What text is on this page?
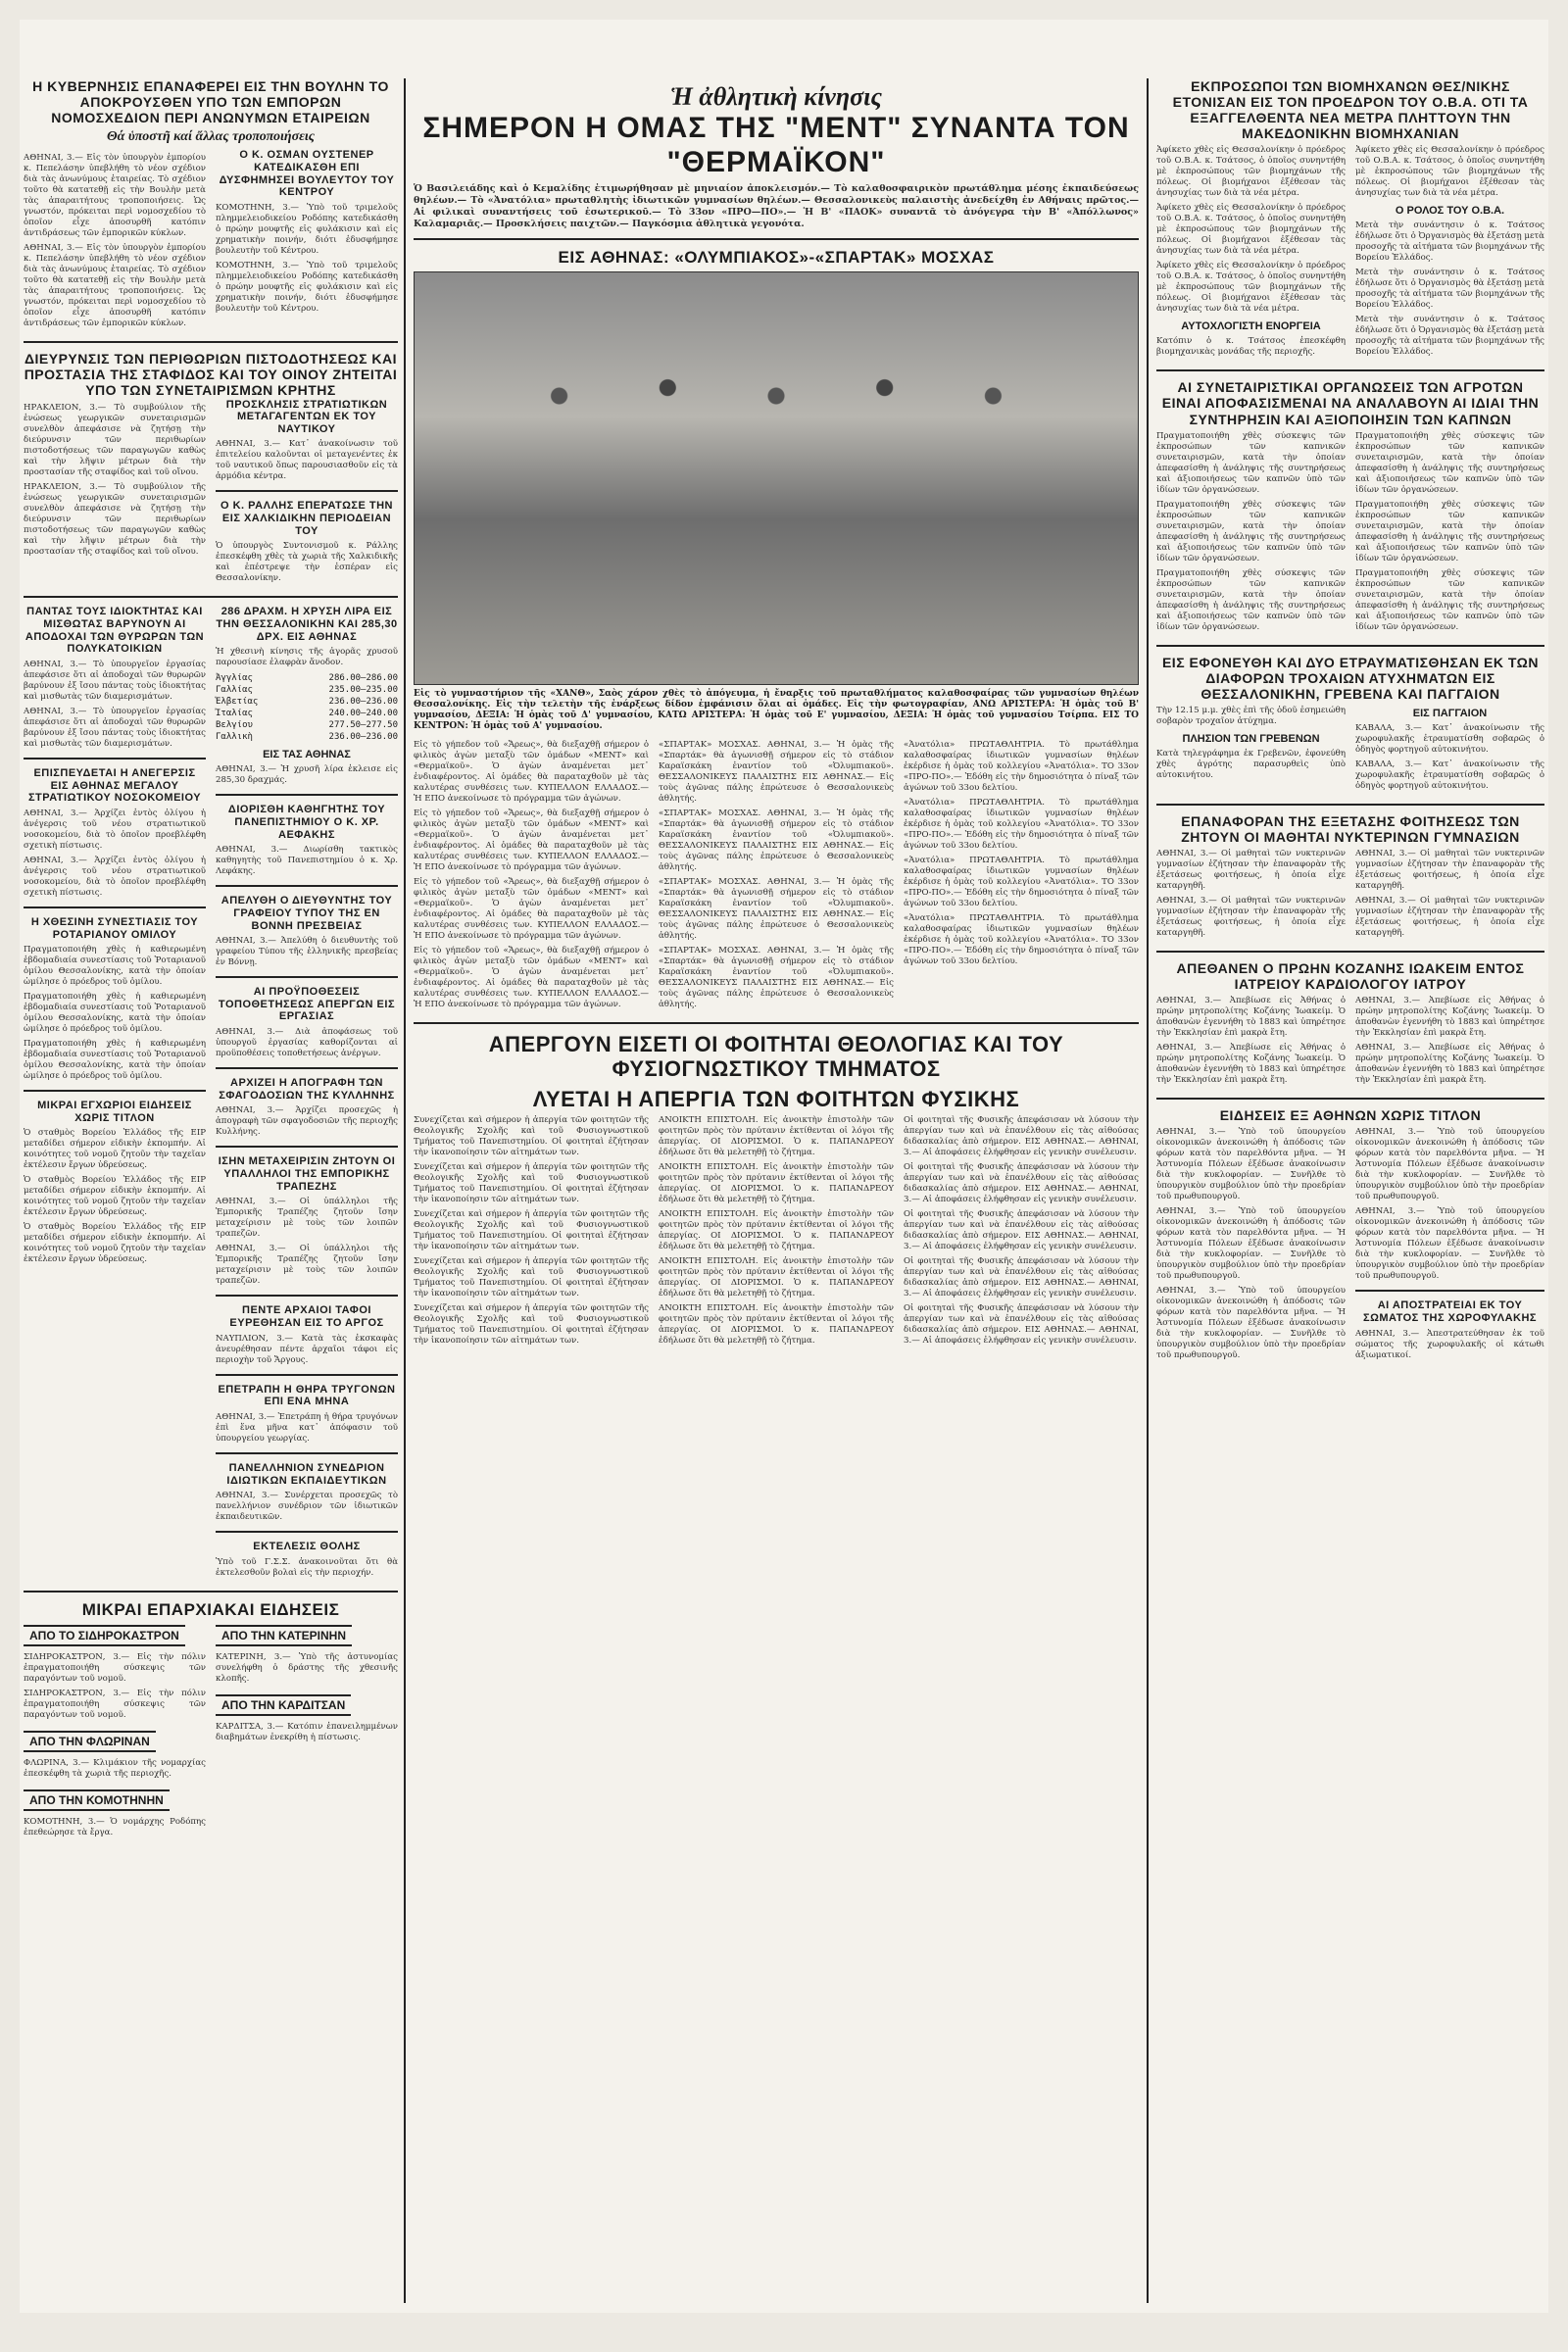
Η ΚΥΒΕΡΝΗΣΙΣ ΕΠΑΝΑΦΕΡΕΙ ΕΙΣ ΤΗΝ ΒΟΥΛΗΝ ΤΟ ΑΠΟΚΡΟΥΣΘΕΝ ΥΠΟ ΤΩΝ ΕΜΠΟΡΩΝ ΝΟΜΟΣΧΕΔΙΟΝ ΠΕΡΙ ΑΝΩΝΥΜΩΝ ΕΤΑΙΡΕΙΩΝ
Θά ὑποστῆ καί ἄλλας τροποποιήσεις
ΑΘΗΝΑΙ, 3.— Εἰς τὸν ὑπουργὸν ἐμπορίου κ. Πεπελάσην ὑπεβλήθη τὸ νέον σχέδιον διὰ τὰς ἀνωνύμους ἑταιρείας. Τὸ σχέδιον τοῦτο θὰ κατατεθῇ εἰς τὴν Βουλὴν μετὰ τὰς ἀπαραιτήτους τροποποιήσεις. Ὡς γνωστόν, πρόκειται περὶ νομοσχεδίου τὸ ὁποῖον εἶχε ἀποσυρθῆ κατόπιν ἀντιδράσεως τῶν ἐμπορικῶν κύκλων.
ΑΘΗΝΑΙ, 3.— Εἰς τὸν ὑπουργὸν ἐμπορίου κ. Πεπελάσην ὑπεβλήθη τὸ νέον σχέδιον διὰ τὰς ἀνωνύμους ἑταιρείας. Τὸ σχέδιον τοῦτο θὰ κατατεθῇ εἰς τὴν Βουλὴν μετὰ τὰς ἀπαραιτήτους τροποποιήσεις. Ὡς γνωστόν, πρόκειται περὶ νομοσχεδίου τὸ ὁποῖον εἶχε ἀποσυρθῆ κατόπιν ἀντιδράσεως τῶν ἐμπορικῶν κύκλων.
Ο Κ. ΟΣΜΑΝ ΟΥΣΤΕΝΕΡ ΚΑΤΕΔΙΚΑΣΘΗ ΕΠΙ ΔΥΣΦΗΜΗΣΕΙ ΒΟΥΛΕΥΤΟΥ ΤΟΥ ΚΕΝΤΡΟΥ
ΚΟΜΟΤΗΝΗ, 3.— Ὑπὸ τοῦ τριμελοῦς πλημμελειοδικείου Ροδόπης κατεδικάσθη ὁ πρώην μουφτῆς εἰς φυλάκισιν καὶ εἰς χρηματικὴν ποινήν, διότι ἐδυσφήμησε βουλευτὴν τοῦ Κέντρου.
ΚΟΜΟΤΗΝΗ, 3.— Ὑπὸ τοῦ τριμελοῦς πλημμελειοδικείου Ροδόπης κατεδικάσθη ὁ πρώην μουφτῆς εἰς φυλάκισιν καὶ εἰς χρηματικὴν ποινήν, διότι ἐδυσφήμησε βουλευτὴν τοῦ Κέντρου.
ΔΙΕΥΡΥΝΣΙΣ ΤΩΝ ΠΕΡΙΘΩΡΙΩΝ ΠΙΣΤΟΔΟΤΗΣΕΩΣ ΚΑΙ ΠΡΟΣΤΑΣΙΑ ΤΗΣ ΣΤΑΦΙΔΟΣ ΚΑΙ ΤΟΥ ΟΙΝΟΥ ΖΗΤΕΙΤΑΙ ΥΠΟ ΤΩΝ ΣΥΝΕΤΑΙΡΙΣΜΩΝ ΚΡΗΤΗΣ
ΗΡΑΚΛΕΙΟΝ, 3.— Τὸ συμβούλιον τῆς ἑνώσεως γεωργικῶν συνεταιρισμῶν συνελθὸν ἀπεφάσισε νὰ ζητήσῃ τὴν διεύρυνσιν τῶν περιθωρίων πιστοδοτήσεως τῶν παραγωγῶν καθὼς καὶ τὴν λῆψιν μέτρων διὰ τὴν προστασίαν τῆς σταφίδος καὶ τοῦ οἴνου.
ΗΡΑΚΛΕΙΟΝ, 3.— Τὸ συμβούλιον τῆς ἑνώσεως γεωργικῶν συνεταιρισμῶν συνελθὸν ἀπεφάσισε νὰ ζητήσῃ τὴν διεύρυνσιν τῶν περιθωρίων πιστοδοτήσεως τῶν παραγωγῶν καθὼς καὶ τὴν λῆψιν μέτρων διὰ τὴν προστασίαν τῆς σταφίδος καὶ τοῦ οἴνου.
ΠΡΟΣΚΛΗΣΙΣ ΣΤΡΑΤΙΩΤΙΚΩΝ ΜΕΤΑΓΑΓΕΝΤΩΝ ΕΚ ΤΟΥ ΝΑΥΤΙΚΟΥ
ΑΘΗΝΑΙ, 3.— Κατ᾿ ἀνακοίνωσιν τοῦ ἐπιτελείου καλοῦνται οἱ μεταγενέντες ἐκ τοῦ ναυτικοῦ ὅπως παρουσιασθοῦν εἰς τὰ ἀρμόδια κέντρα.
Ο Κ. ΡΑΛΛΗΣ ΕΠΕΡΑΤΩΣΕ ΤΗΝ ΕΙΣ ΧΑΛΚΙΔΙΚΗΝ ΠΕΡΙΟΔΕΙΑΝ ΤΟΥ
Ὁ ὑπουργὸς Συντονισμοῦ κ. Ράλλης ἐπεσκέφθη χθὲς τὰ χωριὰ τῆς Χαλκιδικῆς καὶ ἐπέστρεψε τὴν ἑσπέραν εἰς Θεσσαλονίκην.
ΠΑΝΤΑΣ ΤΟΥΣ ΙΔΙΟΚΤΗΤΑΣ ΚΑΙ ΜΙΣΘΩΤΑΣ ΒΑΡΥΝΟΥΝ ΑΙ ΑΠΟΔΟΧΑΙ ΤΩΝ ΘΥΡΩΡΩΝ ΤΩΝ ΠΟΛΥΚΑΤΟΙΚΙΩΝ
ΑΘΗΝΑΙ, 3.— Τὸ ὑπουργεῖον ἐργασίας ἀπεφάσισε ὅτι αἱ ἀποδοχαὶ τῶν θυρωρῶν βαρύνουν ἐξ ἴσου πάντας τοὺς ἰδιοκτήτας καὶ μισθωτὰς τῶν διαμερισμάτων.
ΑΘΗΝΑΙ, 3.— Τὸ ὑπουργεῖον ἐργασίας ἀπεφάσισε ὅτι αἱ ἀποδοχαὶ τῶν θυρωρῶν βαρύνουν ἐξ ἴσου πάντας τοὺς ἰδιοκτήτας καὶ μισθωτὰς τῶν διαμερισμάτων.
ΕΠΙΣΠΕΥΔΕΤΑΙ Η ΑΝΕΓΕΡΣΙΣ ΕΙΣ ΑΘΗΝΑΣ ΜΕΓΑΛΟΥ ΣΤΡΑΤΙΩΤΙΚΟΥ ΝΟΣΟΚΟΜΕΙΟΥ
ΑΘΗΝΑΙ, 3.— Ἀρχίζει ἐντὸς ὀλίγου ἡ ἀνέγερσις τοῦ νέου στρατιωτικοῦ νοσοκομείου, διὰ τὸ ὁποῖον προεβλέφθη σχετικὴ πίστωσις.
ΑΘΗΝΑΙ, 3.— Ἀρχίζει ἐντὸς ὀλίγου ἡ ἀνέγερσις τοῦ νέου στρατιωτικοῦ νοσοκομείου, διὰ τὸ ὁποῖον προεβλέφθη σχετικὴ πίστωσις.
Η ΧΘΕΣΙΝΗ ΣΥΝΕΣΤΙΑΣΙΣ ΤΟΥ ΡΟΤΑΡΙΑΝΟΥ ΟΜΙΛΟΥ
Πραγματοποιήθη χθὲς ἡ καθιερωμένη ἑβδομαδιαία συνεστίασις τοῦ Ῥοταριανοῦ ὁμίλου Θεσσαλονίκης, κατὰ τὴν ὁποίαν ὡμίλησε ὁ πρόεδρος τοῦ ὁμίλου.
Πραγματοποιήθη χθὲς ἡ καθιερωμένη ἑβδομαδιαία συνεστίασις τοῦ Ῥοταριανοῦ ὁμίλου Θεσσαλονίκης, κατὰ τὴν ὁποίαν ὡμίλησε ὁ πρόεδρος τοῦ ὁμίλου.
Πραγματοποιήθη χθὲς ἡ καθιερωμένη ἑβδομαδιαία συνεστίασις τοῦ Ῥοταριανοῦ ὁμίλου Θεσσαλονίκης, κατὰ τὴν ὁποίαν ὡμίλησε ὁ πρόεδρος τοῦ ὁμίλου.
ΜΙΚΡΑΙ ΕΓΧΩΡΙΟΙ ΕΙΔΗΣΕΙΣ ΧΩΡΙΣ ΤΙΤΛΟΝ
Ὁ σταθμὸς Βορείου Ἑλλάδος τῆς ΕΙΡ μεταδίδει σήμερον εἰδικὴν ἐκπομπήν. Αἱ κοινότητες τοῦ νομοῦ ζητοῦν τὴν ταχεῖαν ἐκτέλεσιν ἔργων ὑδρεύσεως.
Ὁ σταθμὸς Βορείου Ἑλλάδος τῆς ΕΙΡ μεταδίδει σήμερον εἰδικὴν ἐκπομπήν. Αἱ κοινότητες τοῦ νομοῦ ζητοῦν τὴν ταχεῖαν ἐκτέλεσιν ἔργων ὑδρεύσεως.
Ὁ σταθμὸς Βορείου Ἑλλάδος τῆς ΕΙΡ μεταδίδει σήμερον εἰδικὴν ἐκπομπήν. Αἱ κοινότητες τοῦ νομοῦ ζητοῦν τὴν ταχεῖαν ἐκτέλεσιν ἔργων ὑδρεύσεως.
286 ΔΡΑΧΜ. Η ΧΡΥΣΗ ΛΙΡΑ ΕΙΣ ΤΗΝ ΘΕΣΣΑΛΟΝΙΚΗΝ ΚΑΙ 285,30 ΔΡΧ. ΕΙΣ ΑΘΗΝΑΣ
Ἡ χθεσινὴ κίνησις τῆς ἀγορᾶς χρυσοῦ παρουσίασε ἐλαφρὰν ἄνοδον.
Ἀγγλίας	286.00—286.00
Γαλλίας	235.00—235.00
Ἑλβετίας	236.00—236.00
Ἰταλίας	240.00—240.00
Βελγίου	277.50—277.50
Γαλλικὴ	236.00—236.00
ΕΙΣ ΤΑΣ ΑΘΗΝΑΣ
ΑΘΗΝΑΙ, 3.— Ἡ χρυσῆ λίρα ἐκλεισε εἰς 285,30 δραχμάς.
ΔΙΟΡΙΣΘΗ ΚΑΘΗΓΗΤΗΣ ΤΟΥ ΠΑΝΕΠΙΣΤΗΜΙΟΥ Ο Κ. ΧΡ. ΑΕΦΑΚΗΣ
ΑΘΗΝΑΙ, 3.— Διωρίσθη τακτικὸς καθηγητὴς τοῦ Πανεπιστημίου ὁ κ. Χρ. Λεφάκης.
ΑΠΕΛΥΘΗ Ο ΔΙΕΥΘΥΝΤΗΣ ΤΟΥ ΓΡΑΦΕΙΟΥ ΤΥΠΟΥ ΤΗΣ ΕΝ ΒΟΝΝΗ ΠΡΕΣΒΕΙΑΣ
ΑΘΗΝΑΙ, 3.— Ἀπελύθη ὁ διευθυντὴς τοῦ γραφείου Τύπου τῆς ἑλληνικῆς πρεσβείας ἐν Βόννῃ.
ΑΙ ΠΡΟΫΠΟΘΕΣΕΙΣ ΤΟΠΟΘΕΤΗΣΕΩΣ ΑΠΕΡΓΩΝ ΕΙΣ ΕΡΓΑΣΙΑΣ
ΑΘΗΝΑΙ, 3.— Διὰ ἀποφάσεως τοῦ ὑπουργοῦ ἐργασίας καθορίζονται αἱ προϋποθέσεις τοποθετήσεως ἀνέργων.
ΑΡΧΙΖΕΙ Η ΑΠΟΓΡΑΦΗ ΤΩΝ ΣΦΑΓΟΔΟΣΙΩΝ ΤΗΣ ΚΥΛΛΗΝΗΣ
ΑΘΗΝΑΙ, 3.— Ἀρχίζει προσεχῶς ἡ ἀπογραφὴ τῶν σφαγοδοσιῶν τῆς περιοχῆς Κυλλήνης.
ΙΣΗΝ ΜΕΤΑΧΕΙΡΙΣΙΝ ΖΗΤΟΥΝ ΟΙ ΥΠΑΛΛΗΛΟΙ ΤΗΣ ΕΜΠΟΡΙΚΗΣ ΤΡΑΠΕΖΗΣ
ΑΘΗΝΑΙ, 3.— Οἱ ὑπάλληλοι τῆς Ἐμπορικῆς Τραπέζης ζητοῦν ἴσην μεταχείρισιν μὲ τοὺς τῶν λοιπῶν τραπεζῶν.
ΑΘΗΝΑΙ, 3.— Οἱ ὑπάλληλοι τῆς Ἐμπορικῆς Τραπέζης ζητοῦν ἴσην μεταχείρισιν μὲ τοὺς τῶν λοιπῶν τραπεζῶν.
ΠΕΝΤΕ ΑΡΧΑΙΟΙ ΤΑΦΟΙ ΕΥΡΕΘΗΣΑΝ ΕΙΣ ΤΟ ΑΡΓΟΣ
ΝΑΥΠΛΙΟΝ, 3.— Κατὰ τὰς ἐκσκαφὰς ἀνευρέθησαν πέντε ἀρχαῖοι τάφοι εἰς περιοχὴν τοῦ Ἄργους.
ΕΠΕΤΡΑΠΗ Η ΘΗΡΑ ΤΡΥΓΟΝΩΝ ΕΠΙ ΕΝΑ ΜΗΝΑ
ΑΘΗΝΑΙ, 3.— Ἐπετράπη ἡ θήρα τρυγόνων ἐπὶ ἕνα μῆνα κατ᾿ ἀπόφασιν τοῦ ὑπουργείου γεωργίας.
ΠΑΝΕΛΛΗΝΙΟΝ ΣΥΝΕΔΡΙΟΝ ΙΔΙΩΤΙΚΩΝ ΕΚΠΑΙΔΕΥΤΙΚΩΝ
ΑΘΗΝΑΙ, 3.— Συνέρχεται προσεχῶς τὸ πανελλήνιον συνέδριον τῶν ἰδιωτικῶν ἐκπαιδευτικῶν.
ΕΚΤΕΛΕΣΙΣ ΘΟΛΗΣ
Ὑπὸ τοῦ Γ.Σ.Σ. ἀνακοινοῦται ὅτι θὰ ἐκτελεσθοῦν βολαὶ εἰς τὴν περιοχήν.
ΜΙΚΡΑΙ ΕΠΑΡΧΙΑΚΑΙ ΕΙΔΗΣΕΙΣ
ΑΠΟ ΤΟ ΣΙΔΗΡΟΚΑΣΤΡΟΝ
ΣΙΔΗΡΟΚΑΣΤΡΟΝ, 3.— Εἰς τὴν πόλιν ἐπραγματοποιήθη σύσκεψις τῶν παραγόντων τοῦ νομοῦ.
ΣΙΔΗΡΟΚΑΣΤΡΟΝ, 3.— Εἰς τὴν πόλιν ἐπραγματοποιήθη σύσκεψις τῶν παραγόντων τοῦ νομοῦ.
ΑΠΟ ΤΗΝ ΦΛΩΡΙΝΑΝ
ΦΛΩΡΙΝΑ, 3.— Κλιμάκιον τῆς νομαρχίας ἐπεσκέφθη τὰ χωριὰ τῆς περιοχῆς.
ΑΠΟ ΤΗΝ ΚΟΜΟΤΗΝΗΝ
ΚΟΜΟΤΗΝΗ, 3.— Ὁ νομάρχης Ροδόπης ἐπεθεώρησε τὰ ἔργα.
ΑΠΟ ΤΗΝ ΚΑΤΕΡΙΝΗΝ
ΚΑΤΕΡΙΝΗ, 3.— Ὑπὸ τῆς ἀστυνομίας συνελήφθη ὁ δράστης τῆς χθεσινῆς κλοπῆς.
ΑΠΟ ΤΗΝ ΚΑΡΔΙΤΣΑΝ
ΚΑΡΔΙΤΣΑ, 3.— Κατόπιν ἐπανειλημμένων διαβημάτων ἐνεκρίθη ἡ πίστωσις.
Ἡ ἀθλητικὴ κίνησις
ΣΗΜΕΡΟΝ Η ΟΜΑΣ ΤΗΣ "ΜΕΝΤ" ΣΥΝΑΝΤΑ ΤΟΝ "ΘΕΡΜΑΪΚΟΝ"
Ὁ Βασιλειάδης καὶ ὁ Κεμαλίδης ἐτιμωρήθησαν μὲ μηνιαίον ἀποκλεισμόν.— Τὸ καλαθοσφαιρικὸν πρωτάθλημα μέσης ἐκπαιδεύσεως θηλέων.— Τὸ «Ἀνατόλια» πρωταθλητὴς ἰδιωτικῶν γυμνασίων θηλέων.— Θεσσαλονικεὺς παλαιστὴς ἀνεδείχθη ἐν Αθήναις πρῶτος.— Αἱ φιλικαὶ συναντήσεις τοῦ ἐσωτερικοῦ.— Τὸ 33ον «ΠΡΟ—ΠΟ».— Ἡ Β' «ΠΑΟΚ» συναντᾶ τὸ ἀνόγεγρα τὴν Β' «Ἀπόλλωνος» Καλαμαριᾶς.— Προσκλήσεις παιχτῶν.— Παγκόσμια ἀθλητικὰ γεγονότα.
ΕΙΣ ΑΘΗΝΑΣ: «ΟΛΥΜΠΙΑΚΟΣ»-«ΣΠΑΡΤΑΚ» ΜΟΣΧΑΣ
Εἰς τὸ γυμναστήριον τῆς «ΧΑΝΘ», Σαὸς χάρον χθὲς τὸ ἀπόγευμα, ἡ ἔναρξις τοῦ πρωταθλήματος καλαθοσφαίρας τῶν γυμνασίων θηλέων Θεσσαλονίκης. Εἰς τὴν τελετὴν τῆς ἐνάρξεως δίδον ἐμφάνισιν ὅλαι αἱ ὁμάδες. Εἰς τὴν φωτογραφίαν, ΑΝΩ ΑΡΙΣΤΕΡΑ: Ἡ ὁμὰς τοῦ Β' γυμνασίου, ΔΕΞΙΑ: Ἡ ὁμὰς τοῦ Δ' γυμνασίου, ΚΑΤΩ ΑΡΙΣΤΕΡΑ: Ἡ ὁμὰς τοῦ Ε' γυμνασίου, ΔΕΞΙΑ: Ἡ ὁμὰς τοῦ γυμνασίου Τσίρπα. ΕΙΣ ΤΟ ΚΕΝΤΡΟΝ: Ἡ ὁμὰς τοῦ Α' γυμνασίου.
Εἰς τὸ γήπεδον τοῦ «Ἄρεως», θὰ διεξαχθῇ σήμερον ὁ φιλικὸς ἀγὼν μεταξὺ τῶν ὁμάδων «ΜΕΝΤ» καὶ «Θερμαϊκοῦ». Ὁ ἀγὼν ἀναμένεται μετ᾿ ἐνδιαφέροντος. Αἱ ὁμάδες θὰ παραταχθοῦν μὲ τὰς καλυτέρας συνθέσεις των. ΚΥΠΕΛΛΟΝ ΕΛΛΑΔΟΣ.— Ἡ ΕΠΟ ἀνεκοίνωσε τὸ πρόγραμμα τῶν ἀγώνων.
Εἰς τὸ γήπεδον τοῦ «Ἄρεως», θὰ διεξαχθῇ σήμερον ὁ φιλικὸς ἀγὼν μεταξὺ τῶν ὁμάδων «ΜΕΝΤ» καὶ «Θερμαϊκοῦ». Ὁ ἀγὼν ἀναμένεται μετ᾿ ἐνδιαφέροντος. Αἱ ὁμάδες θὰ παραταχθοῦν μὲ τὰς καλυτέρας συνθέσεις των. ΚΥΠΕΛΛΟΝ ΕΛΛΑΔΟΣ.— Ἡ ΕΠΟ ἀνεκοίνωσε τὸ πρόγραμμα τῶν ἀγώνων.
Εἰς τὸ γήπεδον τοῦ «Ἄρεως», θὰ διεξαχθῇ σήμερον ὁ φιλικὸς ἀγὼν μεταξὺ τῶν ὁμάδων «ΜΕΝΤ» καὶ «Θερμαϊκοῦ». Ὁ ἀγὼν ἀναμένεται μετ᾿ ἐνδιαφέροντος. Αἱ ὁμάδες θὰ παραταχθοῦν μὲ τὰς καλυτέρας συνθέσεις των. ΚΥΠΕΛΛΟΝ ΕΛΛΑΔΟΣ.— Ἡ ΕΠΟ ἀνεκοίνωσε τὸ πρόγραμμα τῶν ἀγώνων.
Εἰς τὸ γήπεδον τοῦ «Ἄρεως», θὰ διεξαχθῇ σήμερον ὁ φιλικὸς ἀγὼν μεταξὺ τῶν ὁμάδων «ΜΕΝΤ» καὶ «Θερμαϊκοῦ». Ὁ ἀγὼν ἀναμένεται μετ᾿ ἐνδιαφέροντος. Αἱ ὁμάδες θὰ παραταχθοῦν μὲ τὰς καλυτέρας συνθέσεις των. ΚΥΠΕΛΛΟΝ ΕΛΛΑΔΟΣ.— Ἡ ΕΠΟ ἀνεκοίνωσε τὸ πρόγραμμα τῶν ἀγώνων.
«ΣΠΑΡΤΑΚ» ΜΟΣΧΑΣ. ΑΘΗΝΑΙ, 3.— Ἡ ὁμὰς τῆς «Σπαρτάκ» θὰ ἀγωνισθῇ σήμερον εἰς τὸ στάδιον Καραϊσκάκη ἐναντίον τοῦ «Ὀλυμπιακοῦ». ΘΕΣΣΑΛΟΝΙΚΕΥΣ ΠΑΛΑΙΣΤΗΣ ΕΙΣ ΑΘΗΝΑΣ.— Εἰς τοὺς ἀγῶνας πάλης ἐπρώτευσε ὁ Θεσσαλονικεὺς ἀθλητής.
«ΣΠΑΡΤΑΚ» ΜΟΣΧΑΣ. ΑΘΗΝΑΙ, 3.— Ἡ ὁμὰς τῆς «Σπαρτάκ» θὰ ἀγωνισθῇ σήμερον εἰς τὸ στάδιον Καραϊσκάκη ἐναντίον τοῦ «Ὀλυμπιακοῦ». ΘΕΣΣΑΛΟΝΙΚΕΥΣ ΠΑΛΑΙΣΤΗΣ ΕΙΣ ΑΘΗΝΑΣ.— Εἰς τοὺς ἀγῶνας πάλης ἐπρώτευσε ὁ Θεσσαλονικεὺς ἀθλητής.
«ΣΠΑΡΤΑΚ» ΜΟΣΧΑΣ. ΑΘΗΝΑΙ, 3.— Ἡ ὁμὰς τῆς «Σπαρτάκ» θὰ ἀγωνισθῇ σήμερον εἰς τὸ στάδιον Καραϊσκάκη ἐναντίον τοῦ «Ὀλυμπιακοῦ». ΘΕΣΣΑΛΟΝΙΚΕΥΣ ΠΑΛΑΙΣΤΗΣ ΕΙΣ ΑΘΗΝΑΣ.— Εἰς τοὺς ἀγῶνας πάλης ἐπρώτευσε ὁ Θεσσαλονικεὺς ἀθλητής.
«ΣΠΑΡΤΑΚ» ΜΟΣΧΑΣ. ΑΘΗΝΑΙ, 3.— Ἡ ὁμὰς τῆς «Σπαρτάκ» θὰ ἀγωνισθῇ σήμερον εἰς τὸ στάδιον Καραϊσκάκη ἐναντίον τοῦ «Ὀλυμπιακοῦ». ΘΕΣΣΑΛΟΝΙΚΕΥΣ ΠΑΛΑΙΣΤΗΣ ΕΙΣ ΑΘΗΝΑΣ.— Εἰς τοὺς ἀγῶνας πάλης ἐπρώτευσε ὁ Θεσσαλονικεὺς ἀθλητής.
«Ἀνατόλια» ΠΡΩΤΑΘΛΗΤΡΙΑ. Τὸ πρωτάθλημα καλαθοσφαίρας ἰδιωτικῶν γυμνασίων θηλέων ἐκέρδισε ἡ ὁμὰς τοῦ κολλεγίου «Ἀνατόλια». ΤΟ 33ον «ΠΡΟ-ΠΟ».— Ἐδόθη εἰς τὴν δημοσιότητα ὁ πίναξ τῶν ἀγώνων τοῦ 33ου δελτίου.
«Ἀνατόλια» ΠΡΩΤΑΘΛΗΤΡΙΑ. Τὸ πρωτάθλημα καλαθοσφαίρας ἰδιωτικῶν γυμνασίων θηλέων ἐκέρδισε ἡ ὁμὰς τοῦ κολλεγίου «Ἀνατόλια». ΤΟ 33ον «ΠΡΟ-ΠΟ».— Ἐδόθη εἰς τὴν δημοσιότητα ὁ πίναξ τῶν ἀγώνων τοῦ 33ου δελτίου.
«Ἀνατόλια» ΠΡΩΤΑΘΛΗΤΡΙΑ. Τὸ πρωτάθλημα καλαθοσφαίρας ἰδιωτικῶν γυμνασίων θηλέων ἐκέρδισε ἡ ὁμὰς τοῦ κολλεγίου «Ἀνατόλια». ΤΟ 33ον «ΠΡΟ-ΠΟ».— Ἐδόθη εἰς τὴν δημοσιότητα ὁ πίναξ τῶν ἀγώνων τοῦ 33ου δελτίου.
«Ἀνατόλια» ΠΡΩΤΑΘΛΗΤΡΙΑ. Τὸ πρωτάθλημα καλαθοσφαίρας ἰδιωτικῶν γυμνασίων θηλέων ἐκέρδισε ἡ ὁμὰς τοῦ κολλεγίου «Ἀνατόλια». ΤΟ 33ον «ΠΡΟ-ΠΟ».— Ἐδόθη εἰς τὴν δημοσιότητα ὁ πίναξ τῶν ἀγώνων τοῦ 33ου δελτίου.
ΑΠΕΡΓΟΥΝ ΕΙΣΕΤΙ ΟΙ ΦΟΙΤΗΤΑΙ ΘΕΟΛΟΓΙΑΣ ΚΑΙ ΤΟΥ ΦΥΣΙΟΓΝΩΣΤΙΚΟΥ ΤΜΗΜΑΤΟΣ
ΛΥΕΤΑΙ Η ΑΠΕΡΓΙΑ ΤΩΝ ΦΟΙΤΗΤΩΝ ΦΥΣΙΚΗΣ
Συνεχίζεται καὶ σήμερον ἡ ἀπεργία τῶν φοιτητῶν τῆς Θεολογικῆς Σχολῆς καὶ τοῦ Φυσιογνωστικοῦ Τμήματος τοῦ Πανεπιστημίου. Οἱ φοιτηταὶ ἐζήτησαν τὴν ἱκανοποίησιν τῶν αἰτημάτων των.
Συνεχίζεται καὶ σήμερον ἡ ἀπεργία τῶν φοιτητῶν τῆς Θεολογικῆς Σχολῆς καὶ τοῦ Φυσιογνωστικοῦ Τμήματος τοῦ Πανεπιστημίου. Οἱ φοιτηταὶ ἐζήτησαν τὴν ἱκανοποίησιν τῶν αἰτημάτων των.
Συνεχίζεται καὶ σήμερον ἡ ἀπεργία τῶν φοιτητῶν τῆς Θεολογικῆς Σχολῆς καὶ τοῦ Φυσιογνωστικοῦ Τμήματος τοῦ Πανεπιστημίου. Οἱ φοιτηταὶ ἐζήτησαν τὴν ἱκανοποίησιν τῶν αἰτημάτων των.
Συνεχίζεται καὶ σήμερον ἡ ἀπεργία τῶν φοιτητῶν τῆς Θεολογικῆς Σχολῆς καὶ τοῦ Φυσιογνωστικοῦ Τμήματος τοῦ Πανεπιστημίου. Οἱ φοιτηταὶ ἐζήτησαν τὴν ἱκανοποίησιν τῶν αἰτημάτων των.
Συνεχίζεται καὶ σήμερον ἡ ἀπεργία τῶν φοιτητῶν τῆς Θεολογικῆς Σχολῆς καὶ τοῦ Φυσιογνωστικοῦ Τμήματος τοῦ Πανεπιστημίου. Οἱ φοιτηταὶ ἐζήτησαν τὴν ἱκανοποίησιν τῶν αἰτημάτων των.
ΑΝΟΙΚΤΗ ΕΠΙΣΤΟΛΗ. Εἰς ἀνοικτὴν ἐπιστολὴν τῶν φοιτητῶν πρὸς τὸν πρύτανιν ἐκτίθενται οἱ λόγοι τῆς ἀπεργίας. ΟΙ ΔΙΟΡΙΣΜΟΙ. Ὁ κ. ΠΑΠΑΝΔΡΕΟΥ ἐδήλωσε ὅτι θὰ μελετηθῇ τὸ ζήτημα.
ΑΝΟΙΚΤΗ ΕΠΙΣΤΟΛΗ. Εἰς ἀνοικτὴν ἐπιστολὴν τῶν φοιτητῶν πρὸς τὸν πρύτανιν ἐκτίθενται οἱ λόγοι τῆς ἀπεργίας. ΟΙ ΔΙΟΡΙΣΜΟΙ. Ὁ κ. ΠΑΠΑΝΔΡΕΟΥ ἐδήλωσε ὅτι θὰ μελετηθῇ τὸ ζήτημα.
ΑΝΟΙΚΤΗ ΕΠΙΣΤΟΛΗ. Εἰς ἀνοικτὴν ἐπιστολὴν τῶν φοιτητῶν πρὸς τὸν πρύτανιν ἐκτίθενται οἱ λόγοι τῆς ἀπεργίας. ΟΙ ΔΙΟΡΙΣΜΟΙ. Ὁ κ. ΠΑΠΑΝΔΡΕΟΥ ἐδήλωσε ὅτι θὰ μελετηθῇ τὸ ζήτημα.
ΑΝΟΙΚΤΗ ΕΠΙΣΤΟΛΗ. Εἰς ἀνοικτὴν ἐπιστολὴν τῶν φοιτητῶν πρὸς τὸν πρύτανιν ἐκτίθενται οἱ λόγοι τῆς ἀπεργίας. ΟΙ ΔΙΟΡΙΣΜΟΙ. Ὁ κ. ΠΑΠΑΝΔΡΕΟΥ ἐδήλωσε ὅτι θὰ μελετηθῇ τὸ ζήτημα.
ΑΝΟΙΚΤΗ ΕΠΙΣΤΟΛΗ. Εἰς ἀνοικτὴν ἐπιστολὴν τῶν φοιτητῶν πρὸς τὸν πρύτανιν ἐκτίθενται οἱ λόγοι τῆς ἀπεργίας. ΟΙ ΔΙΟΡΙΣΜΟΙ. Ὁ κ. ΠΑΠΑΝΔΡΕΟΥ ἐδήλωσε ὅτι θὰ μελετηθῇ τὸ ζήτημα.
Οἱ φοιτηταὶ τῆς Φυσικῆς ἀπεφάσισαν νὰ λύσουν τὴν ἀπεργίαν των καὶ νὰ ἐπανέλθουν εἰς τὰς αἰθούσας διδασκαλίας ἀπὸ σήμερον. ΕΙΣ ΑΘΗΝΑΣ.— ΑΘΗΝΑΙ, 3.— Αἱ ἀποφάσεις ἐλήφθησαν εἰς γενικὴν συνέλευσιν.
Οἱ φοιτηταὶ τῆς Φυσικῆς ἀπεφάσισαν νὰ λύσουν τὴν ἀπεργίαν των καὶ νὰ ἐπανέλθουν εἰς τὰς αἰθούσας διδασκαλίας ἀπὸ σήμερον. ΕΙΣ ΑΘΗΝΑΣ.— ΑΘΗΝΑΙ, 3.— Αἱ ἀποφάσεις ἐλήφθησαν εἰς γενικὴν συνέλευσιν.
Οἱ φοιτηταὶ τῆς Φυσικῆς ἀπεφάσισαν νὰ λύσουν τὴν ἀπεργίαν των καὶ νὰ ἐπανέλθουν εἰς τὰς αἰθούσας διδασκαλίας ἀπὸ σήμερον. ΕΙΣ ΑΘΗΝΑΣ.— ΑΘΗΝΑΙ, 3.— Αἱ ἀποφάσεις ἐλήφθησαν εἰς γενικὴν συνέλευσιν.
Οἱ φοιτηταὶ τῆς Φυσικῆς ἀπεφάσισαν νὰ λύσουν τὴν ἀπεργίαν των καὶ νὰ ἐπανέλθουν εἰς τὰς αἰθούσας διδασκαλίας ἀπὸ σήμερον. ΕΙΣ ΑΘΗΝΑΣ.— ΑΘΗΝΑΙ, 3.— Αἱ ἀποφάσεις ἐλήφθησαν εἰς γενικὴν συνέλευσιν.
Οἱ φοιτηταὶ τῆς Φυσικῆς ἀπεφάσισαν νὰ λύσουν τὴν ἀπεργίαν των καὶ νὰ ἐπανέλθουν εἰς τὰς αἰθούσας διδασκαλίας ἀπὸ σήμερον. ΕΙΣ ΑΘΗΝΑΣ.— ΑΘΗΝΑΙ, 3.— Αἱ ἀποφάσεις ἐλήφθησαν εἰς γενικὴν συνέλευσιν.
ΕΚΠΡΟΣΩΠΟΙ ΤΩΝ ΒΙΟΜΗΧΑΝΩΝ ΘΕΣ/ΝΙΚΗΣ ΕΤΟΝΙΣΑΝ ΕΙΣ ΤΟΝ ΠΡΟΕΔΡΟΝ ΤΟΥ Ο.Β.Α. ΟΤΙ ΤΑ ΕΞΑΓΓΕΛΘΕΝΤΑ ΝΕΑ ΜΕΤΡΑ ΠΛΗΤΤΟΥΝ ΤΗΝ ΜΑΚΕΔΟΝΙΚΗΝ ΒΙΟΜΗΧΑΝΙΑΝ
Ἀφίκετο χθὲς εἰς Θεσσαλονίκην ὁ πρόεδρος τοῦ Ο.Β.Α. κ. Τσάτσος, ὁ ὁποῖος συνηντήθη μὲ ἐκπροσώπους τῶν βιομηχάνων τῆς πόλεως. Οἱ βιομήχανοι ἐξέθεσαν τὰς ἀνησυχίας των διὰ τὰ νέα μέτρα.
Ἀφίκετο χθὲς εἰς Θεσσαλονίκην ὁ πρόεδρος τοῦ Ο.Β.Α. κ. Τσάτσος, ὁ ὁποῖος συνηντήθη μὲ ἐκπροσώπους τῶν βιομηχάνων τῆς πόλεως. Οἱ βιομήχανοι ἐξέθεσαν τὰς ἀνησυχίας των διὰ τὰ νέα μέτρα.
Ἀφίκετο χθὲς εἰς Θεσσαλονίκην ὁ πρόεδρος τοῦ Ο.Β.Α. κ. Τσάτσος, ὁ ὁποῖος συνηντήθη μὲ ἐκπροσώπους τῶν βιομηχάνων τῆς πόλεως. Οἱ βιομήχανοι ἐξέθεσαν τὰς ἀνησυχίας των διὰ τὰ νέα μέτρα.
ΑΥΤΟΧΛΟΓΙΣΤΗ ΕΝΟΡΓΕΙΑ
Κατόπιν ὁ κ. Τσάτσος ἐπεσκέφθη βιομηχανικὰς μονάδας τῆς περιοχῆς.
Ἀφίκετο χθὲς εἰς Θεσσαλονίκην ὁ πρόεδρος τοῦ Ο.Β.Α. κ. Τσάτσος, ὁ ὁποῖος συνηντήθη μὲ ἐκπροσώπους τῶν βιομηχάνων τῆς πόλεως. Οἱ βιομήχανοι ἐξέθεσαν τὰς ἀνησυχίας των διὰ τὰ νέα μέτρα.
Ο ΡΟΛΟΣ ΤΟΥ Ο.Β.Α.
Μετὰ τὴν συνάντησιν ὁ κ. Τσάτσος ἐδήλωσε ὅτι ὁ Ὀργανισμὸς θὰ ἐξετάσῃ μετὰ προσοχῆς τὰ αἰτήματα τῶν βιομηχάνων τῆς Βορείου Ἑλλάδος.
Μετὰ τὴν συνάντησιν ὁ κ. Τσάτσος ἐδήλωσε ὅτι ὁ Ὀργανισμὸς θὰ ἐξετάσῃ μετὰ προσοχῆς τὰ αἰτήματα τῶν βιομηχάνων τῆς Βορείου Ἑλλάδος.
Μετὰ τὴν συνάντησιν ὁ κ. Τσάτσος ἐδήλωσε ὅτι ὁ Ὀργανισμὸς θὰ ἐξετάσῃ μετὰ προσοχῆς τὰ αἰτήματα τῶν βιομηχάνων τῆς Βορείου Ἑλλάδος.
ΑΙ ΣΥΝΕΤΑΙΡΙΣΤΙΚΑΙ ΟΡΓΑΝΩΣΕΙΣ ΤΩΝ ΑΓΡΟΤΩΝ ΕΙΝΑΙ ΑΠΟΦΑΣΙΣΜΕΝΑΙ ΝΑ ΑΝΑΛΑΒΟΥΝ ΑΙ ΙΔΙΑΙ ΤΗΝ ΣΥΝΤΗΡΗΣΙΝ ΚΑΙ ΑΞΙΟΠΟΙΗΣΙΝ ΤΩΝ ΚΑΠΝΩΝ
Πραγματοποιήθη χθὲς σύσκεψις τῶν ἐκπροσώπων τῶν καπνικῶν συνεταιρισμῶν, κατὰ τὴν ὁποίαν ἀπεφασίσθη ἡ ἀνάληψις τῆς συντηρήσεως καὶ ἀξιοποιήσεως τῶν καπνῶν ὑπὸ τῶν ἰδίων τῶν ὀργανώσεων.
Πραγματοποιήθη χθὲς σύσκεψις τῶν ἐκπροσώπων τῶν καπνικῶν συνεταιρισμῶν, κατὰ τὴν ὁποίαν ἀπεφασίσθη ἡ ἀνάληψις τῆς συντηρήσεως καὶ ἀξιοποιήσεως τῶν καπνῶν ὑπὸ τῶν ἰδίων τῶν ὀργανώσεων.
Πραγματοποιήθη χθὲς σύσκεψις τῶν ἐκπροσώπων τῶν καπνικῶν συνεταιρισμῶν, κατὰ τὴν ὁποίαν ἀπεφασίσθη ἡ ἀνάληψις τῆς συντηρήσεως καὶ ἀξιοποιήσεως τῶν καπνῶν ὑπὸ τῶν ἰδίων τῶν ὀργανώσεων.
Πραγματοποιήθη χθὲς σύσκεψις τῶν ἐκπροσώπων τῶν καπνικῶν συνεταιρισμῶν, κατὰ τὴν ὁποίαν ἀπεφασίσθη ἡ ἀνάληψις τῆς συντηρήσεως καὶ ἀξιοποιήσεως τῶν καπνῶν ὑπὸ τῶν ἰδίων τῶν ὀργανώσεων.
Πραγματοποιήθη χθὲς σύσκεψις τῶν ἐκπροσώπων τῶν καπνικῶν συνεταιρισμῶν, κατὰ τὴν ὁποίαν ἀπεφασίσθη ἡ ἀνάληψις τῆς συντηρήσεως καὶ ἀξιοποιήσεως τῶν καπνῶν ὑπὸ τῶν ἰδίων τῶν ὀργανώσεων.
Πραγματοποιήθη χθὲς σύσκεψις τῶν ἐκπροσώπων τῶν καπνικῶν συνεταιρισμῶν, κατὰ τὴν ὁποίαν ἀπεφασίσθη ἡ ἀνάληψις τῆς συντηρήσεως καὶ ἀξιοποιήσεως τῶν καπνῶν ὑπὸ τῶν ἰδίων τῶν ὀργανώσεων.
ΕΙΣ ΕΦΟΝΕΥΘΗ ΚΑΙ ΔΥΟ ΕΤΡΑΥΜΑΤΙΣΘΗΣΑΝ ΕΚ ΤΩΝ ΔΙΑΦΟΡΩΝ ΤΡΟΧΑΙΩΝ ΑΤΥΧΗΜΑΤΩΝ ΕΙΣ ΘΕΣΣΑΛΟΝΙΚΗΝ, ΓΡΕΒΕΝΑ ΚΑΙ ΠΑΓΓΑΙΟΝ
Τὴν 12.15 μ.μ. χθὲς ἐπὶ τῆς ὁδοῦ ἐσημειώθη σοβαρὸν τροχαῖον ἀτύχημα.
ΠΛΗΣΙΟΝ ΤΩΝ ΓΡΕΒΕΝΩΝ
Κατὰ τηλεγράφημα ἐκ Γρεβενῶν, ἐφονεύθη χθὲς ἀγρότης παρασυρθεὶς ὑπὸ αὐτοκινήτου.
ΕΙΣ ΠΑΓΓΑΙΟΝ
ΚΑΒΑΛΑ, 3.— Κατ᾿ ἀνακοίνωσιν τῆς χωροφυλακῆς ἐτραυματίσθη σοβαρῶς ὁ ὁδηγὸς φορτηγοῦ αὐτοκινήτου.
ΚΑΒΑΛΑ, 3.— Κατ᾿ ἀνακοίνωσιν τῆς χωροφυλακῆς ἐτραυματίσθη σοβαρῶς ὁ ὁδηγὸς φορτηγοῦ αὐτοκινήτου.
ΕΠΑΝΑΦΟΡΑΝ ΤΗΣ ΕΞΕΤΑΣΗΣ ΦΟΙΤΗΣΕΩΣ ΤΩΝ ΖΗΤΟΥΝ ΟΙ ΜΑΘΗΤΑΙ ΝΥΚΤΕΡΙΝΩΝ ΓΥΜΝΑΣΙΩΝ
ΑΘΗΝΑΙ, 3.— Οἱ μαθηταὶ τῶν νυκτερινῶν γυμνασίων ἐζήτησαν τὴν ἐπαναφορὰν τῆς ἐξετάσεως φοιτήσεως, ἡ ὁποία εἶχε καταργηθῆ.
ΑΘΗΝΑΙ, 3.— Οἱ μαθηταὶ τῶν νυκτερινῶν γυμνασίων ἐζήτησαν τὴν ἐπαναφορὰν τῆς ἐξετάσεως φοιτήσεως, ἡ ὁποία εἶχε καταργηθῆ.
ΑΘΗΝΑΙ, 3.— Οἱ μαθηταὶ τῶν νυκτερινῶν γυμνασίων ἐζήτησαν τὴν ἐπαναφορὰν τῆς ἐξετάσεως φοιτήσεως, ἡ ὁποία εἶχε καταργηθῆ.
ΑΘΗΝΑΙ, 3.— Οἱ μαθηταὶ τῶν νυκτερινῶν γυμνασίων ἐζήτησαν τὴν ἐπαναφορὰν τῆς ἐξετάσεως φοιτήσεως, ἡ ὁποία εἶχε καταργηθῆ.
ΑΠΕΘΑΝΕΝ Ο ΠΡΩΗΝ ΚΟΖΑΝΗΣ ΙΩΑΚΕΙΜ ΕΝΤΟΣ ΙΑΤΡΕΙΟΥ ΚΑΡΔΙΟΛΟΓΟΥ ΙΑΤΡΟΥ
ΑΘΗΝΑΙ, 3.— Ἀπεβίωσε εἰς Ἀθήνας ὁ πρώην μητροπολίτης Κοζάνης Ἰωακείμ. Ὁ ἀποθανὼν ἐγεννήθη τὸ 1883 καὶ ὑπηρέτησε τὴν Ἐκκλησίαν ἐπὶ μακρὰ ἔτη.
ΑΘΗΝΑΙ, 3.— Ἀπεβίωσε εἰς Ἀθήνας ὁ πρώην μητροπολίτης Κοζάνης Ἰωακείμ. Ὁ ἀποθανὼν ἐγεννήθη τὸ 1883 καὶ ὑπηρέτησε τὴν Ἐκκλησίαν ἐπὶ μακρὰ ἔτη.
ΑΘΗΝΑΙ, 3.— Ἀπεβίωσε εἰς Ἀθήνας ὁ πρώην μητροπολίτης Κοζάνης Ἰωακείμ. Ὁ ἀποθανὼν ἐγεννήθη τὸ 1883 καὶ ὑπηρέτησε τὴν Ἐκκλησίαν ἐπὶ μακρὰ ἔτη.
ΑΘΗΝΑΙ, 3.— Ἀπεβίωσε εἰς Ἀθήνας ὁ πρώην μητροπολίτης Κοζάνης Ἰωακείμ. Ὁ ἀποθανὼν ἐγεννήθη τὸ 1883 καὶ ὑπηρέτησε τὴν Ἐκκλησίαν ἐπὶ μακρὰ ἔτη.
ΕΙΔΗΣΕΙΣ ΕΞ ΑΘΗΝΩΝ ΧΩΡΙΣ ΤΙΤΛΟΝ
ΑΘΗΝΑΙ, 3.— Ὑπὸ τοῦ ὑπουργείου οἰκονομικῶν ἀνεκοινώθη ἡ ἀπόδοσις τῶν φόρων κατὰ τὸν παρελθόντα μῆνα. — Ἡ Ἀστυνομία Πόλεων ἐξέδωσε ἀνακοίνωσιν διὰ τὴν κυκλοφορίαν. — Συνῆλθε τὸ ὑπουργικὸν συμβούλιον ὑπὸ τὴν προεδρίαν τοῦ πρωθυπουργοῦ.
ΑΘΗΝΑΙ, 3.— Ὑπὸ τοῦ ὑπουργείου οἰκονομικῶν ἀνεκοινώθη ἡ ἀπόδοσις τῶν φόρων κατὰ τὸν παρελθόντα μῆνα. — Ἡ Ἀστυνομία Πόλεων ἐξέδωσε ἀνακοίνωσιν διὰ τὴν κυκλοφορίαν. — Συνῆλθε τὸ ὑπουργικὸν συμβούλιον ὑπὸ τὴν προεδρίαν τοῦ πρωθυπουργοῦ.
ΑΘΗΝΑΙ, 3.— Ὑπὸ τοῦ ὑπουργείου οἰκονομικῶν ἀνεκοινώθη ἡ ἀπόδοσις τῶν φόρων κατὰ τὸν παρελθόντα μῆνα. — Ἡ Ἀστυνομία Πόλεων ἐξέδωσε ἀνακοίνωσιν διὰ τὴν κυκλοφορίαν. — Συνῆλθε τὸ ὑπουργικὸν συμβούλιον ὑπὸ τὴν προεδρίαν τοῦ πρωθυπουργοῦ.
ΑΘΗΝΑΙ, 3.— Ὑπὸ τοῦ ὑπουργείου οἰκονομικῶν ἀνεκοινώθη ἡ ἀπόδοσις τῶν φόρων κατὰ τὸν παρελθόντα μῆνα. — Ἡ Ἀστυνομία Πόλεων ἐξέδωσε ἀνακοίνωσιν διὰ τὴν κυκλοφορίαν. — Συνῆλθε τὸ ὑπουργικὸν συμβούλιον ὑπὸ τὴν προεδρίαν τοῦ πρωθυπουργοῦ.
ΑΘΗΝΑΙ, 3.— Ὑπὸ τοῦ ὑπουργείου οἰκονομικῶν ἀνεκοινώθη ἡ ἀπόδοσις τῶν φόρων κατὰ τὸν παρελθόντα μῆνα. — Ἡ Ἀστυνομία Πόλεων ἐξέδωσε ἀνακοίνωσιν διὰ τὴν κυκλοφορίαν. — Συνῆλθε τὸ ὑπουργικὸν συμβούλιον ὑπὸ τὴν προεδρίαν τοῦ πρωθυπουργοῦ.
ΑΙ ΑΠΟΣΤΡΑΤΕΙΑΙ ΕΚ ΤΟΥ ΣΩΜΑΤΟΣ ΤΗΣ ΧΩΡΟΦΥΛΑΚΗΣ
ΑΘΗΝΑΙ, 3.— Ἀπεστρατεύθησαν ἐκ τοῦ σώματος τῆς χωροφυλακῆς οἱ κάτωθι ἀξιωματικοί.
